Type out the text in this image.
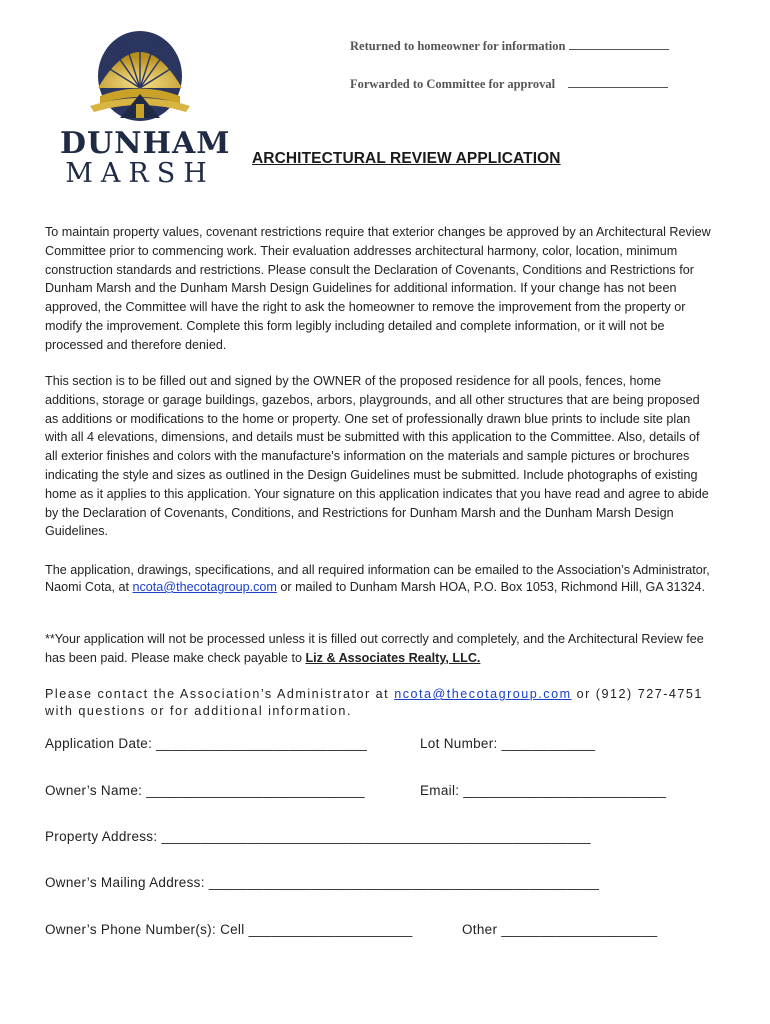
DUNHAM
MARSH
Returned to homeowner for information
Forwarded to Committee for approval
ARCHITECTURAL REVIEW APPLICATION
To maintain property values, covenant restrictions require that exterior changes be approved by an Architectural Review Committee prior to commencing work. Their evaluation addresses architectural harmony, color, location, minimum construction standards and restrictions. Please consult the Declaration of Covenants, Conditions and Restrictions for Dunham Marsh and the Dunham Marsh Design Guidelines for additional information. If your change has not been approved, the Committee will have the right to ask the homeowner to remove the improvement from the property or modify the improvement. Complete this form legibly including detailed and complete information, or it will not be processed and therefore denied.
This section is to be filled out and signed by the OWNER of the proposed residence for all pools, fences, home additions, storage or garage buildings, gazebos, arbors, playgrounds, and all other structures that are being proposed as additions or modifications to the home or property. One set of professionally drawn blue prints to include site plan with all 4 elevations, dimensions, and details must be submitted with this application to the Committee. Also, details of all exterior finishes and colors with the manufacture's information on the materials and sample pictures or brochures indicating the style and sizes as outlined in the Design Guidelines must be submitted. Include photographs of existing home as it applies to this application. Your signature on this application indicates that you have read and agree to abide by the Declaration of Covenants, Conditions, and Restrictions for Dunham Marsh and the Dunham Marsh Design Guidelines.
The application, drawings, specifications, and all required information can be emailed to the Association’s Administrator, Naomi Cota, at ncota@thecotagroup.com or mailed to Dunham Marsh HOA, P.O. Box 1053, Richmond Hill, GA 31324.
**Your application will not be processed unless it is filled out correctly and completely, and the Architectural Review fee has been paid. Please make check payable to Liz & Associates Realty, LLC.
Please contact the Association’s Administrator at ncota@thecotagroup.com or (912) 727-4751
with questions or for additional information.
Application Date: ___________________________	Lot Number: ____________
Owner’s Name: ____________________________	Email: __________________________
Property Address: _______________________________________________________
Owner’s Mailing Address: __________________________________________________
Owner’s Phone Number(s): Cell _____________________	Other ____________________
